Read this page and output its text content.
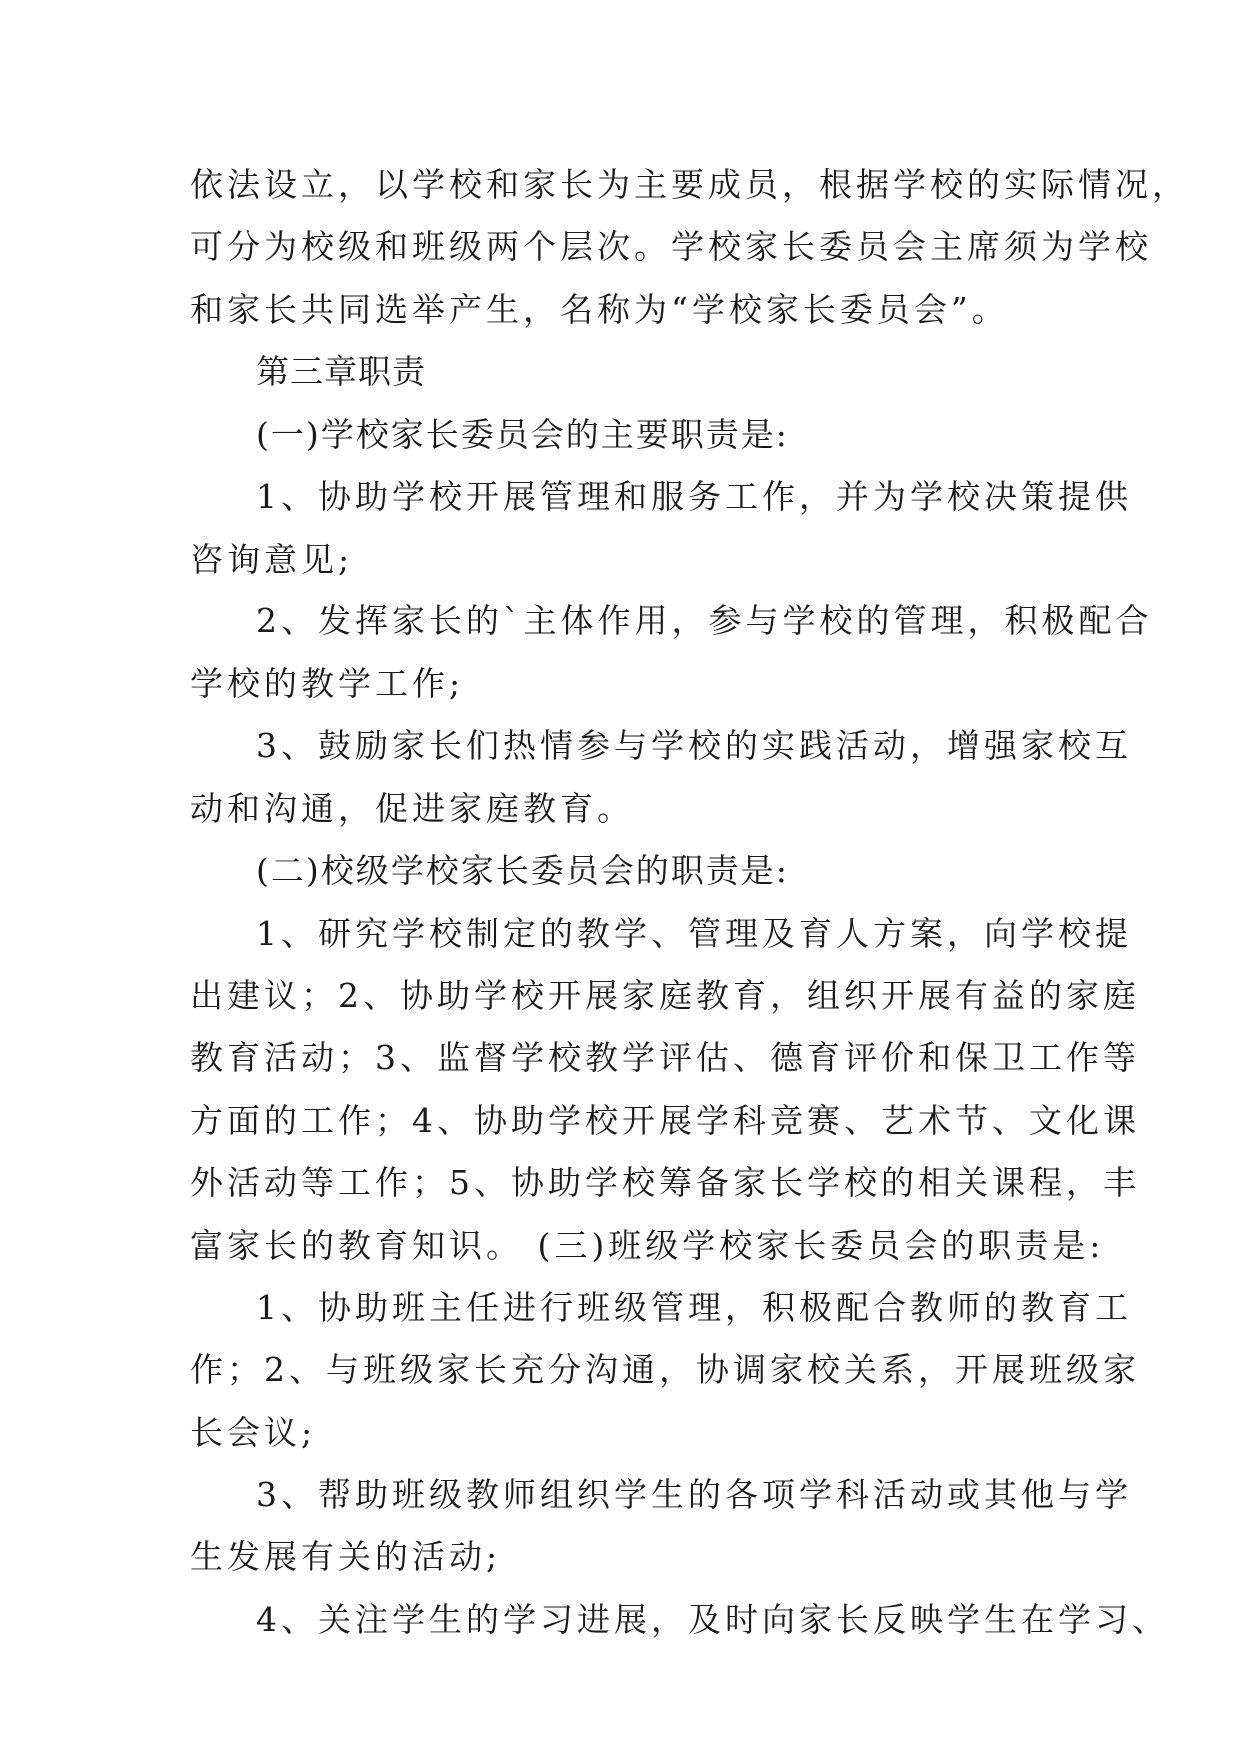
依法设立，以学校和家长为主要成员，根据学校的实际情况，
可分为校级和班级两个层次。学校家长委员会主席须为学校
和家长共同选举产生，名称为“学校家长委员会”。
第三章职责
(一)学校家长委员会的主要职责是:
1、协助学校开展管理和服务工作，并为学校决策提供
咨询意见;
2、发挥家长的`主体作用，参与学校的管理，积极配合
学校的教学工作;
3、鼓励家长们热情参与学校的实践活动，增强家校互
动和沟通，促进家庭教育。
(二)校级学校家长委员会的职责是:
1、研究学校制定的教学、管理及育人方案，向学校提
出建议；2、协助学校开展家庭教育，组织开展有益的家庭
教育活动；3、监督学校教学评估、德育评价和保卫工作等
方面的工作；4、协助学校开展学科竞赛、艺术节、文化课
外活动等工作；5、协助学校筹备家长学校的相关课程，丰
富家长的教育知识。 (三)班级学校家长委员会的职责是:
1、协助班主任进行班级管理，积极配合教师的教育工
作；2、与班级家长充分沟通，协调家校关系，开展班级家
长会议;
3、帮助班级教师组织学生的各项学科活动或其他与学
生发展有关的活动;
4、关注学生的学习进展，及时向家长反映学生在学习、
